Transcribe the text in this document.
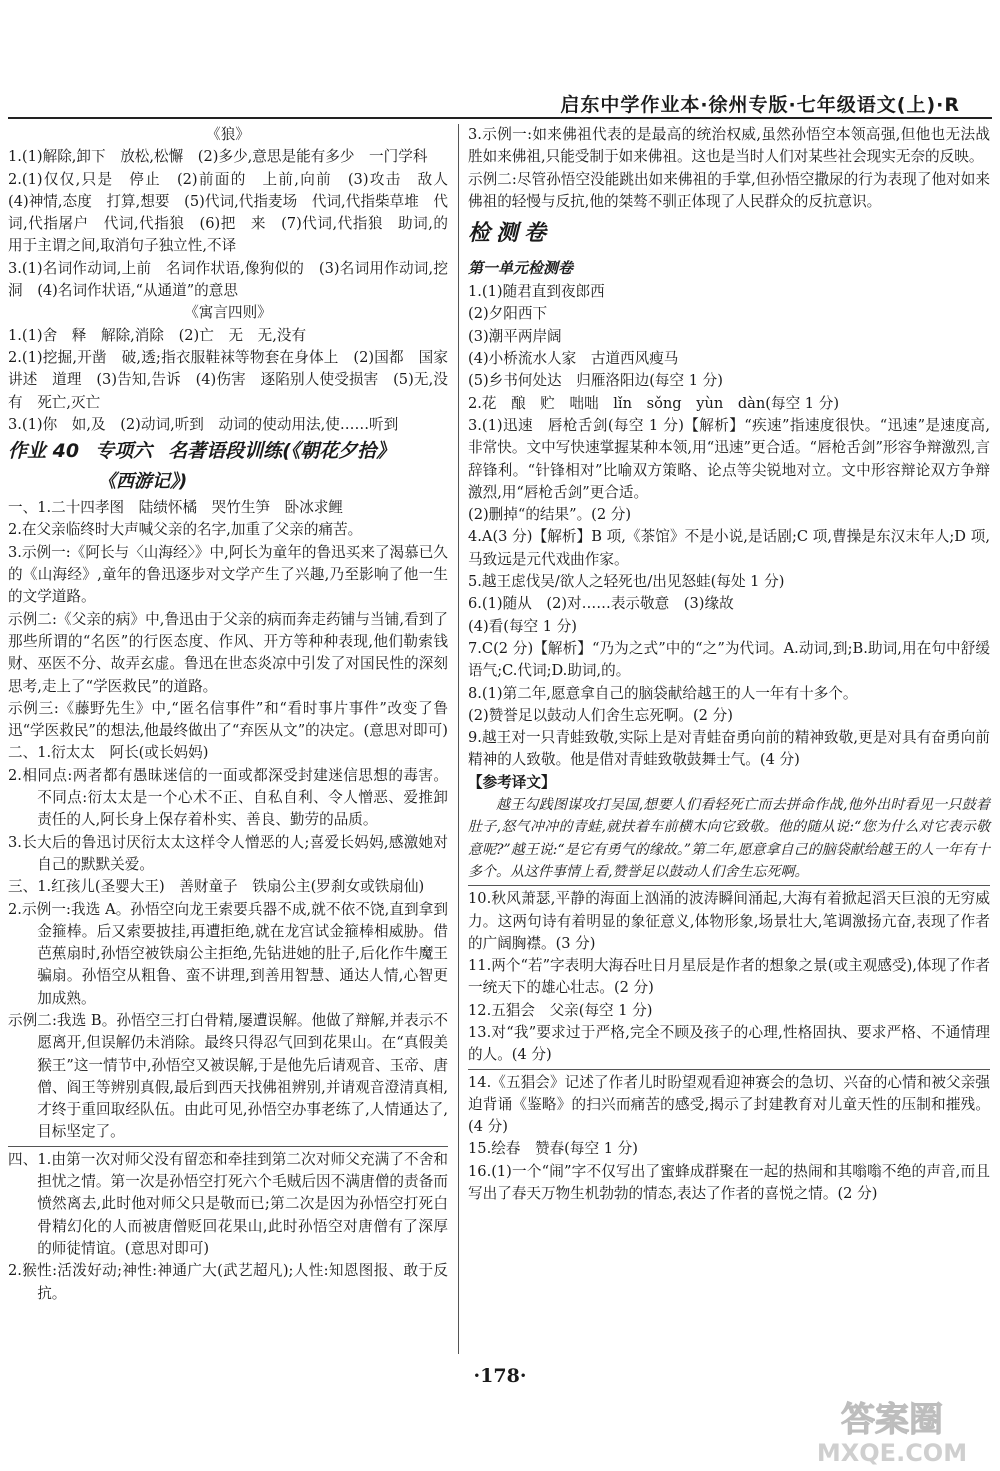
启东中学作业本·徐州专版·七年级语文(上)·R

《狼》

1.(1)解除,卸下　放松,松懈　(2)多少,意思是能有多少　一门学科

2.(1)仅仅,只是　停止　(2)前面的　上前,向前　(3)攻击　敌人　(4)神情,态度　打算,想要　(5)代词,代指麦场　代词,代指柴草堆　代词,代指屠户　代词,代指狼　(6)把　来　(7)代词,代指狼　助词,的　用于主谓之间,取消句子独立性,不译

3.(1)名词作动词,上前　名词作状语,像狗似的　(3)名词用作动词,挖洞　(4)名词作状语,“从通道”的意思

《寓言四则》

1.(1)舍　释　解除,消除　(2)亡　无　无,没有

2.(1)挖掘,开凿　破,透;指衣服鞋袜等物套在身体上　(2)国都　国家　讲述　道理　(3)告知,告诉　(4)伤害　逐陷别人使受损害　(5)无,没有　死亡,灭亡

3.(1)你　如,及　(2)动词,听到　动词的使动用法,使……听到

作业 40 专项六 名著语段训练(《朝花夕拾》

《西游记》)

一、1.二十四孝图　陆绩怀橘　哭竹生笋　卧冰求鲤

2.在父亲临终时大声喊父亲的名字,加重了父亲的痛苦。

3.示例一:《阿长与〈山海经〉》中,阿长为童年的鲁迅买来了渴慕已久的《山海经》,童年的鲁迅逐步对文学产生了兴趣,乃至影响了他一生的文学道路。

示例二:《父亲的病》中,鲁迅由于父亲的病而奔走药铺与当铺,看到了那些所谓的“名医”的行医态度、作风、开方等种种表现,他们勒索钱财、巫医不分、故弄玄虚。鲁迅在世态炎凉中引发了对国民性的深刻思考,走上了“学医救民”的道路。

示例三:《藤野先生》中,“匿名信事件”和“看时事片事件”改变了鲁迅“学医救民”的想法,他最终做出了“弃医从文”的决定。(意思对即可)

二、1.衍太太　阿长(或长妈妈)

2.相同点:两者都有愚昧迷信的一面或都深受封建迷信思想的毒害。不同点:衍太太是一个心术不正、自私自利、令人憎恶、爱推卸责任的人,阿长身上保存着朴实、善良、勤劳的品质。

3.长大后的鲁迅讨厌衍太太这样令人憎恶的人;喜爱长妈妈,感激她对自己的默默关爱。

三、1.红孩儿(圣婴大王)　善财童子　铁扇公主(罗刹女或铁扇仙)

2.示例一:我选 A。孙悟空向龙王索要兵器不成,就不依不饶,直到拿到金箍棒。后又索要披挂,再遭拒绝,就在龙宫试金箍棒相威胁。借芭蕉扇时,孙悟空被铁扇公主拒绝,先钻进她的肚子,后化作牛魔王骗扇。孙悟空从粗鲁、蛮不讲理,到善用智慧、通达人情,心智更加成熟。

示例二:我选 B。孙悟空三打白骨精,屡遭误解。他做了辩解,并表示不愿离开,但误解仍未消除。最终只得忍气回到花果山。在“真假美猴王”这一情节中,孙悟空又被误解,于是他先后请观音、玉帝、唐僧、阎王等辨别真假,最后到西天找佛祖辨别,并请观音澄清真相,才终于重回取经队伍。由此可见,孙悟空办事老练了,人情通达了,目标坚定了。

四、1.由第一次对师父没有留恋和牵挂到第二次对师父充满了不舍和担忧之情。第一次是孙悟空打死六个毛贼后因不满唐僧的责备而愤然离去,此时他对师父只是敬而已;第二次是因为孙悟空打死白骨精幻化的人而被唐僧贬回花果山,此时孙悟空对唐僧有了深厚的师徒情谊。(意思对即可)

2.猴性:活泼好动;神性:神通广大(武艺超凡);人性:知恩图报、敢于反抗。

3.示例一:如来佛祖代表的是最高的统治权威,虽然孙悟空本领高强,但他也无法战胜如来佛祖,只能受制于如来佛祖。这也是当时人们对某些社会现实无奈的反映。

示例二:尽管孙悟空没能跳出如来佛祖的手掌,但孙悟空撒尿的行为表现了他对如来佛祖的轻慢与反抗,他的桀骜不驯正体现了人民群众的反抗意识。

检测卷

第一单元检测卷

1.(1)随君直到夜郎西

(2)夕阳西下

(3)潮平两岸阔

(4)小桥流水人家　古道西风瘦马

(5)乡书何处达　归雁洛阳边(每空 1 分)

2.花　酿　贮　咄咄　lǐn　sǒng　yùn　dàn(每空 1 分)

3.(1)迅速　唇枪舌剑(每空 1 分)【解析】“疾速”指速度很快。“迅速”是速度高,非常快。文中写快速掌握某种本领,用“迅速”更合适。“唇枪舌剑”形容争辩激烈,言辞锋利。“针锋相对”比喻双方策略、论点等尖锐地对立。文中形容辩论双方争辩激烈,用“唇枪舌剑”更合适。

(2)删掉“的结果”。(2 分)

4.A(3 分)【解析】B 项,《茶馆》不是小说,是话剧;C 项,曹操是东汉末年人;D 项,马致远是元代戏曲作家。

5.越王虑伐吴/欲人之轻死也/出见怒蛙(每处 1 分)

6.(1)随从　(2)对……表示敬意　(3)缘故

(4)看(每空 1 分)

7.C(2 分)【解析】“乃为之式”中的“之”为代词。A.动词,到;B.助词,用在句中舒缓语气;C.代词;D.助词,的。

8.(1)第二年,愿意拿自己的脑袋献给越王的人一年有十多个。

(2)赞誉足以鼓动人们舍生忘死啊。(2 分)

9.越王对一只青蛙致敬,实际上是对青蛙奋勇向前的精神致敬,更是对具有奋勇向前精神的人致敬。他是借对青蛙致敬鼓舞士气。(4 分)

【参考译文】

越王勾践图谋攻打吴国,想要人们看轻死亡而去拼命作战,他外出时看见一只鼓着肚子,怒气冲冲的青蛙,就扶着车前横木向它致敬。他的随从说:“您为什么对它表示敬意呢?”越王说:“是它有勇气的缘故。”第二年,愿意拿自己的脑袋献给越王的人一年有十多个。从这件事情上看,赞誉足以鼓动人们舍生忘死啊。

10.秋风萧瑟,平静的海面上汹涌的波涛瞬间涌起,大海有着掀起滔天巨浪的无穷威力。这两句诗有着明显的象征意义,体物形象,场景壮大,笔调激扬亢奋,表现了作者的广阔胸襟。(3 分)

11.两个“若”字表明大海吞吐日月星辰是作者的想象之景(或主观感受),体现了作者一统天下的雄心壮志。(2 分)

12.五猖会　父亲(每空 1 分)

13.对“我”要求过于严格,完全不顾及孩子的心理,性格固执、要求严格、不通情理的人。(4 分)

14.《五猖会》记述了作者儿时盼望观看迎神赛会的急切、兴奋的心情和被父亲强迫背诵《鉴略》的扫兴而痛苦的感受,揭示了封建教育对儿童天性的压制和摧残。(4 分)

15.绘春　赞春(每空 1 分)

16.(1)一个“闹”字不仅写出了蜜蜂成群聚在一起的热闹和其嗡嗡不绝的声音,而且写出了春天万物生机勃勃的情态,表达了作者的喜悦之情。(2 分)

·178·
答案圈
MXQE.COM
